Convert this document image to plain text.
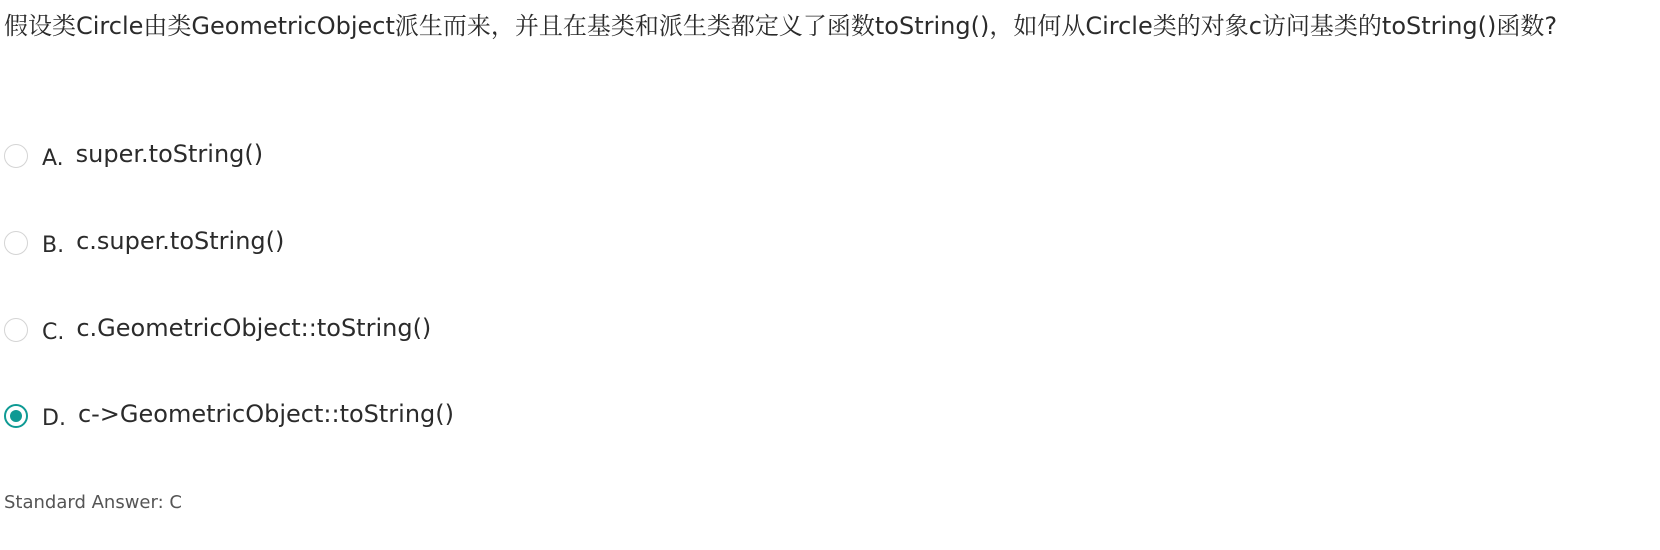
假设类Circle由类GeometricObject派生而来，并且在基类和派生类都定义了函数toString()，如何从Circle类的对象c访问基类的toString()函数?

A. super.toString()
B. c.super.toString()
C. c.GeometricObject::toString()
D. c->GeometricObject::toString()
Standard Answer: C
